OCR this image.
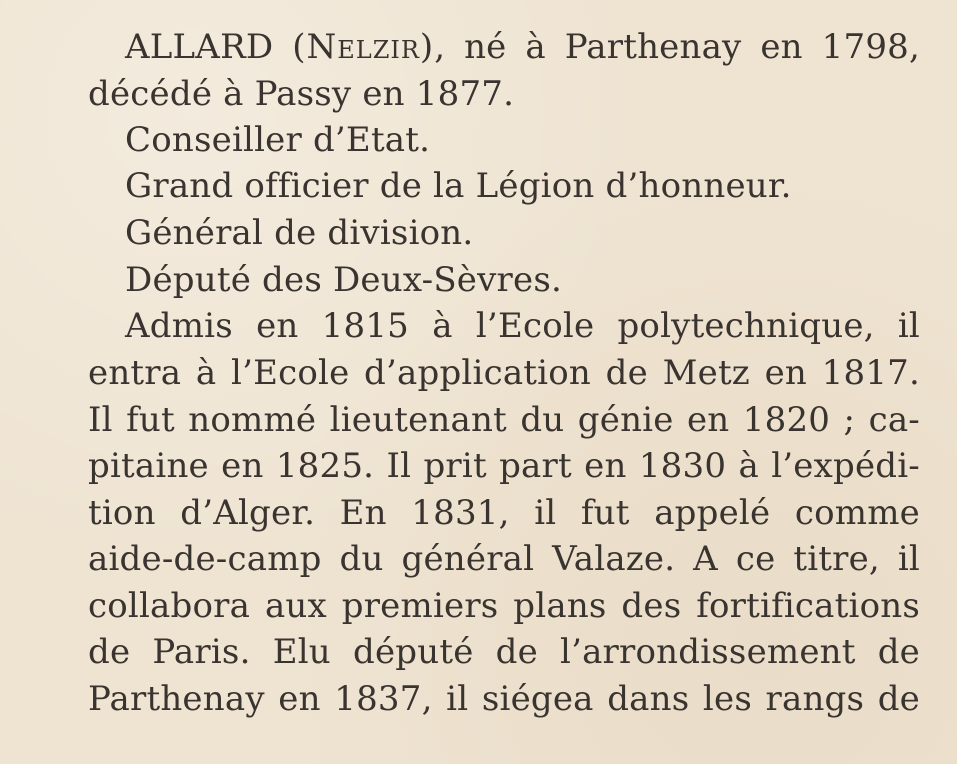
ALLARD (Nelzir), né à Parthenay en 1798,

décédé à Passy en 1877.

Conseiller d’Etat.

Grand officier de la Légion d’honneur.

Général de division.

Député des Deux-Sèvres.

Admis en 1815 à l’Ecole polytechnique, il

entra à l’Ecole d’application de Metz en 1817.

Il fut nommé lieutenant du génie en 1820 ; ca-

pitaine en 1825. Il prit part en 1830 à l’expédi-

tion d’Alger. En 1831, il fut appelé comme

aide-de-camp du général Valaze. A ce titre, il

collabora aux premiers plans des fortifications

de Paris. Elu député de l’arrondissement de

Parthenay en 1837, il siégea dans les rangs de
